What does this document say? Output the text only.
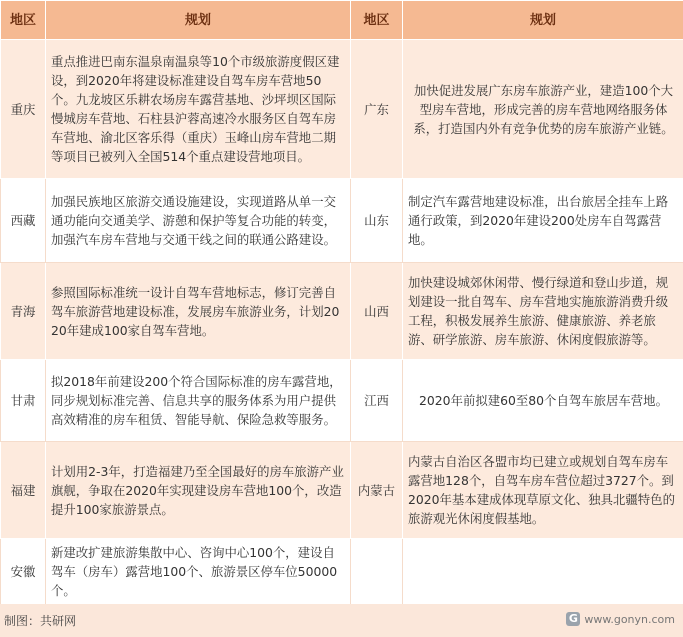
地区	规划	地区	规划
重庆	重点推进巴南东温泉南温泉等10个市级旅游度假区建设，到2020年将建设标准建设自驾车房车营地50个。九龙坡区乐耕农场房车露营基地、沙坪坝区国际慢城房车营地、石柱县沪蓉高速冷水服务区自驾车房车营地、渝北区客乐得（重庆）玉峰山房车营地二期等项目已被列入全国514个重点建设营地项目。	广东	加快促进发展广东房车旅游产业，建造100个大型房车营地，形成完善的房车营地网络服务体系，打造国内外有竞争优势的房车旅游产业链。
西藏	加强民族地区旅游交通设施建设，实现道路从单一交通功能向交通美学、游憩和保护等复合功能的转变，加强汽车房车营地与交通干线之间的联通公路建设。	山东	制定汽车露营地建设标准，出台旅居全挂车上路通行政策，到2020年建设200处房车自驾露营地。
青海	参照国际标准统一设计自驾车营地标志，修订完善自驾车旅游营地建设标准，发展房车旅游业务，计划2020年建成100家自驾车营地。	山西	加快建设城郊休闲带、慢行绿道和登山步道，规划建设一批自驾车、房车营地实施旅游消费升级工程，积极发展养生旅游、健康旅游、养老旅游、研学旅游、房车旅游、休闲度假旅游等。
甘肃	拟2018年前建设200个符合国际标准的房车露营地，同步规划标准完善、信息共享的服务体系为用户提供高效精准的房车租赁、智能导航、保险急救等服务。	江西	2020年前拟建60至80个自驾车旅居车营地。
福建	计划用2-3年，打造福建乃至全国最好的房车旅游产业旗舰，争取在2020年实现建设房车营地100个，改造提升100家旅游景点。	内蒙古	内蒙古自治区各盟市均已建立或规划自驾车房车露营地128个，自驾车房车营位超过3727个。到2020年基本建成体现草原文化、独具北疆特色的旅游观光休闲度假基地。
安徽	新建改扩建旅游集散中心、咨询中心100个，建设自驾车（房车）露营地100个、旅游景区停车位50000个。		
制图：共研网	G www.gonyn.com
